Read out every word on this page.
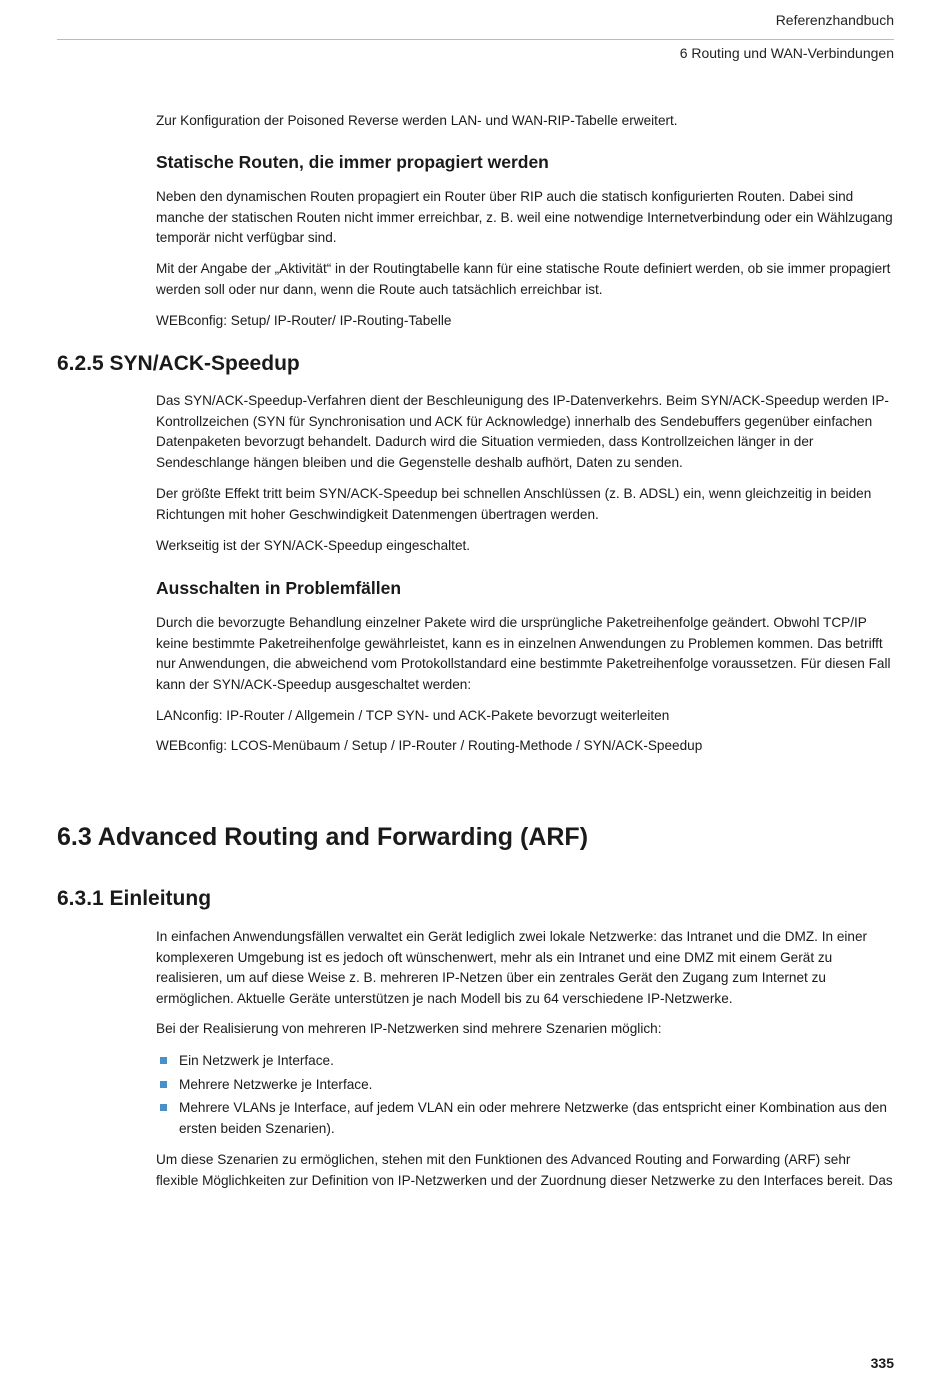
Referenzhandbuch
6 Routing und WAN-Verbindungen

Zur Konfiguration der Poisoned Reverse werden LAN- und WAN-RIP-Tabelle erweitert.

Statische Routen, die immer propagiert werden

Neben den dynamischen Routen propagiert ein Router über RIP auch die statisch konfigurierten Routen. Dabei sind manche der statischen Routen nicht immer erreichbar, z. B. weil eine notwendige Internetverbindung oder ein Wählzugang temporär nicht verfügbar sind.

Mit der Angabe der „Aktivität“ in der Routingtabelle kann für eine statische Route definiert werden, ob sie immer propagiert werden soll oder nur dann, wenn die Route auch tatsächlich erreichbar ist.

WEBconfig: Setup/ IP-Router/ IP-Routing-Tabelle

6.2.5 SYN/ACK-Speedup

Das SYN/ACK-Speedup-Verfahren dient der Beschleunigung des IP-Datenverkehrs. Beim SYN/ACK-Speedup werden IP-Kontrollzeichen (SYN für Synchronisation und ACK für Acknowledge) innerhalb des Sendebuffers gegenüber einfachen Datenpaketen bevorzugt behandelt. Dadurch wird die Situation vermieden, dass Kontrollzeichen länger in der Sendeschlange hängen bleiben und die Gegenstelle deshalb aufhört, Daten zu senden.

Der größte Effekt tritt beim SYN/ACK-Speedup bei schnellen Anschlüssen (z. B. ADSL) ein, wenn gleichzeitig in beiden Richtungen mit hoher Geschwindigkeit Datenmengen übertragen werden.

Werkseitig ist der SYN/ACK-Speedup eingeschaltet.

Ausschalten in Problemfällen

Durch die bevorzugte Behandlung einzelner Pakete wird die ursprüngliche Paketreihenfolge geändert. Obwohl TCP/IP keine bestimmte Paketreihenfolge gewährleistet, kann es in einzelnen Anwendungen zu Problemen kommen. Das betrifft nur Anwendungen, die abweichend vom Protokollstandard eine bestimmte Paketreihenfolge voraussetzen. Für diesen Fall kann der SYN/ACK-Speedup ausgeschaltet werden:

LANconfig: IP-Router / Allgemein / TCP SYN- und ACK-Pakete bevorzugt weiterleiten

WEBconfig: LCOS-Menübaum / Setup / IP-Router / Routing-Methode / SYN/ACK-Speedup

6.3 Advanced Routing and Forwarding (ARF)
6.3.1 Einleitung

In einfachen Anwendungsfällen verwaltet ein Gerät lediglich zwei lokale Netzwerke: das Intranet und die DMZ. In einer komplexeren Umgebung ist es jedoch oft wünschenwert, mehr als ein Intranet und eine DMZ mit einem Gerät zu realisieren, um auf diese Weise z. B. mehreren IP-Netzen über ein zentrales Gerät den Zugang zum Internet zu ermöglichen. Aktuelle Geräte unterstützen je nach Modell bis zu 64 verschiedene IP-Netzwerke.

Bei der Realisierung von mehreren IP-Netzwerken sind mehrere Szenarien möglich:

Ein Netzwerk je Interface.
Mehrere Netzwerke je Interface.
Mehrere VLANs je Interface, auf jedem VLAN ein oder mehrere Netzwerke (das entspricht einer Kombination aus den ersten beiden Szenarien).

Um diese Szenarien zu ermöglichen, stehen mit den Funktionen des Advanced Routing and Forwarding (ARF) sehr flexible Möglichkeiten zur Definition von IP-Netzwerken und der Zuordnung dieser Netzwerke zu den Interfaces bereit. Das

335
